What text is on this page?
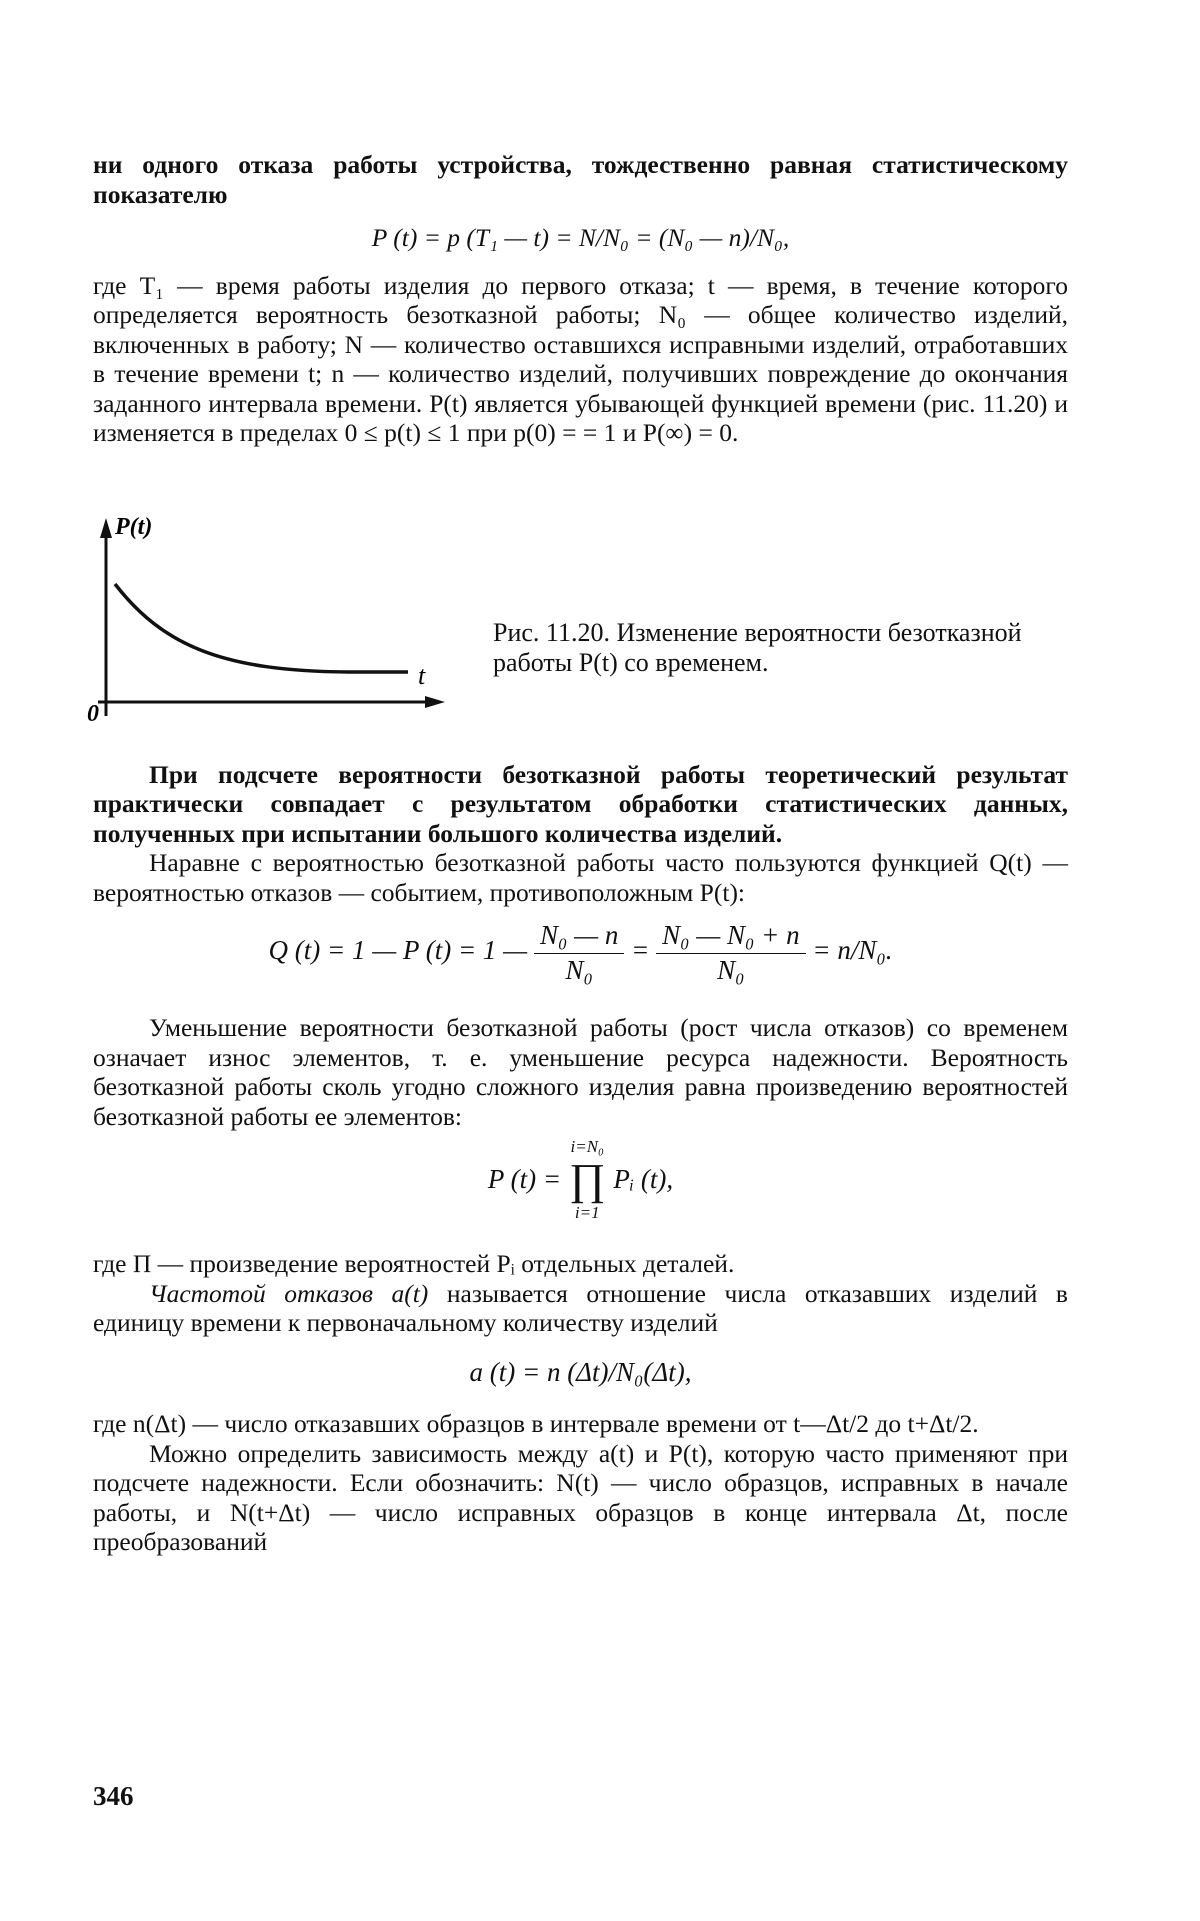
ни одного отказа работы устройства, тождественно равная статистическому показателю

P (t) = p (T₁ — t) = N/N₀ = (N₀ — n)/N₀,

где T₁ — время работы изделия до первого отказа; t — время, в течение которого определяется вероятность безотказной работы; N₀ — общее количество изделий, включенных в работу; N — количество оставшихся исправными изделий, отработавших в течение времени t; n — количество изделий, получивших повреждение до окончания заданного интервала времени. P(t) является убывающей функцией времени (рис. 11.20) и изменяется в пределах 0 ≤ p(t) ≤ 1 при p(0) = = 1 и P(∞) = 0.

P(t)
t
0
Рис. 11.20. Изменение вероятности безотказной работы P(t) со временем.

При подсчете вероятности безотказной работы теоретический результат практически совпадает с результатом обработки статистических данных, полученных при испытании большого количества изделий.

Наравне с вероятностью безотказной работы часто пользуются функцией Q(t) — вероятностью отказов — событием, противоположным P(t):

Q (t) = 1 — P (t) = 1 — $\frac{\text{N₀ — n}}{\text{N₀}} = \frac{\text{N₀ — N₀ + n}}{\text{N₀}} = n/N_0$.

Уменьшение вероятности безотказной работы (рост числа отказов) со временем означает износ элементов, т. е. уменьшение ресурса надежности. Вероятность безотказной работы сколь угодно сложного изделия равна произведению вероятностей безотказной работы ее элементов:

P (t) =
i=N₀
∏
i=1
Pᵢ (t),

где Π — произведение вероятностей Pᵢ отдельных деталей.

Частотой отказов a(t) называется отношение числа отказавших изделий в единицу времени к первоначальному количеству изделий

a (t) = n (Δt)/N₀(Δt),

где n(Δt) — число отказавших образцов в интервале времени от t—Δt/2 до t+Δt/2.

Можно определить зависимость между a(t) и P(t), которую часто применяют при подсчете надежности. Если обозначить: N(t) — число образцов, исправных в начале работы, и N(t+Δt) — число исправных образцов в конце интервала Δt, после преобразований

346
